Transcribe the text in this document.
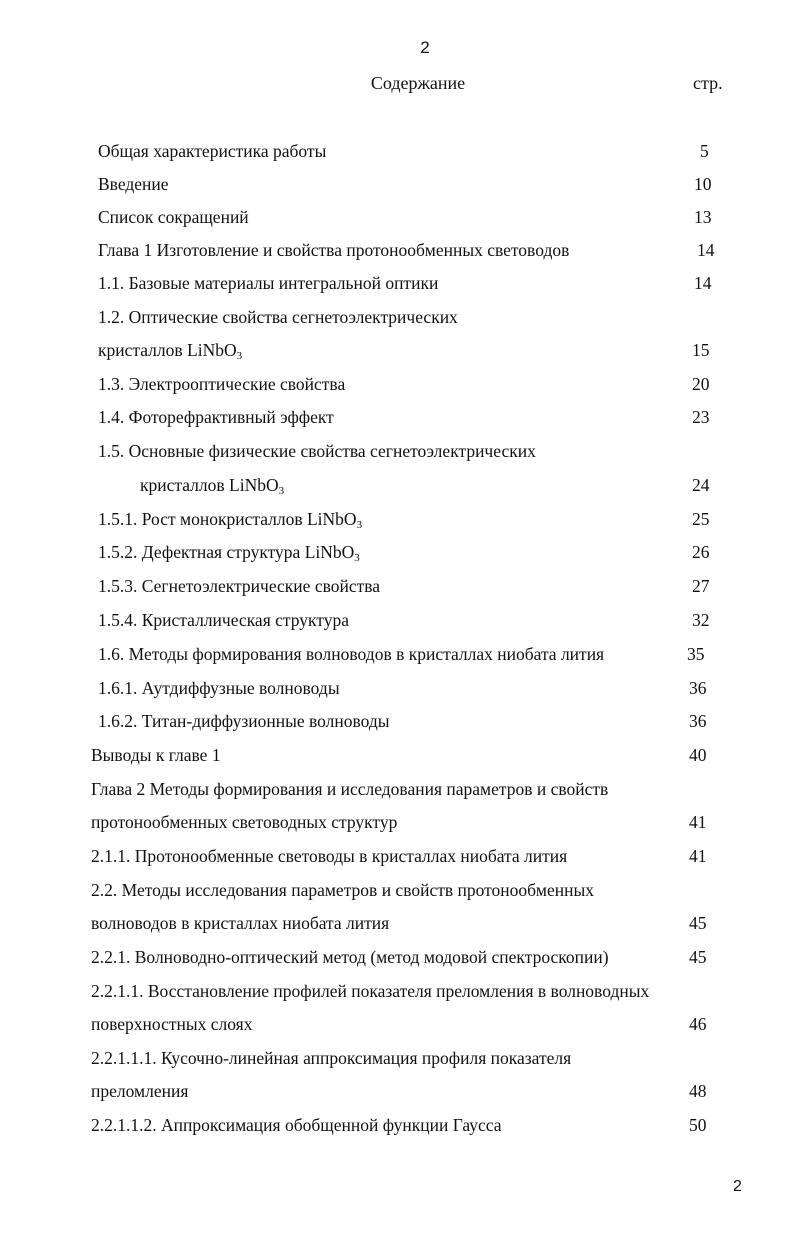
2
Содержание	стр.
Общая характеристика работы	5
Введение	10
Список сокращений	13
Глава 1 Изготовление и свойства протонообменных световодов	14
1.1. Базовые материалы интегральной оптики	14
1.2. Оптические свойства сегнетоэлектрических
кристаллов LiNbO$_3$	15
1.3. Электрооптические свойства	20
1.4. Фоторефрактивный эффект	23
1.5. Основные физические свойства сегнетоэлектрических
кристаллов LiNbO$_3$	24
1.5.1. Рост монокристаллов LiNbO$_3$	25
1.5.2. Дефектная структура LiNbO$_3$	26
1.5.3. Сегнетоэлектрические свойства	27
1.5.4. Кристаллическая структура	32
1.6. Методы формирования волноводов в кристаллах ниобата лития	35
1.6.1. Аутдиффузные волноводы	36
1.6.2. Титан-диффузионные волноводы	36
Выводы к главе 1	40
Глава 2 Методы формирования и исследования параметров и свойств
протонообменных световодных структур	41
2.1.1. Протонообменные световоды в кристаллах ниобата лития	41
2.2. Методы исследования параметров и свойств протонообменных
волноводов в кристаллах ниобата лития	45
2.2.1. Волноводно-оптический метод (метод модовой спектроскопии)	45
2.2.1.1. Восстановление профилей показателя преломления в волноводных
поверхностных слоях	46
2.2.1.1.1. Кусочно-линейная аппроксимация профиля показателя
преломления	48
2.2.1.1.2. Аппроксимация обобщенной функции Гаусса	50
2
